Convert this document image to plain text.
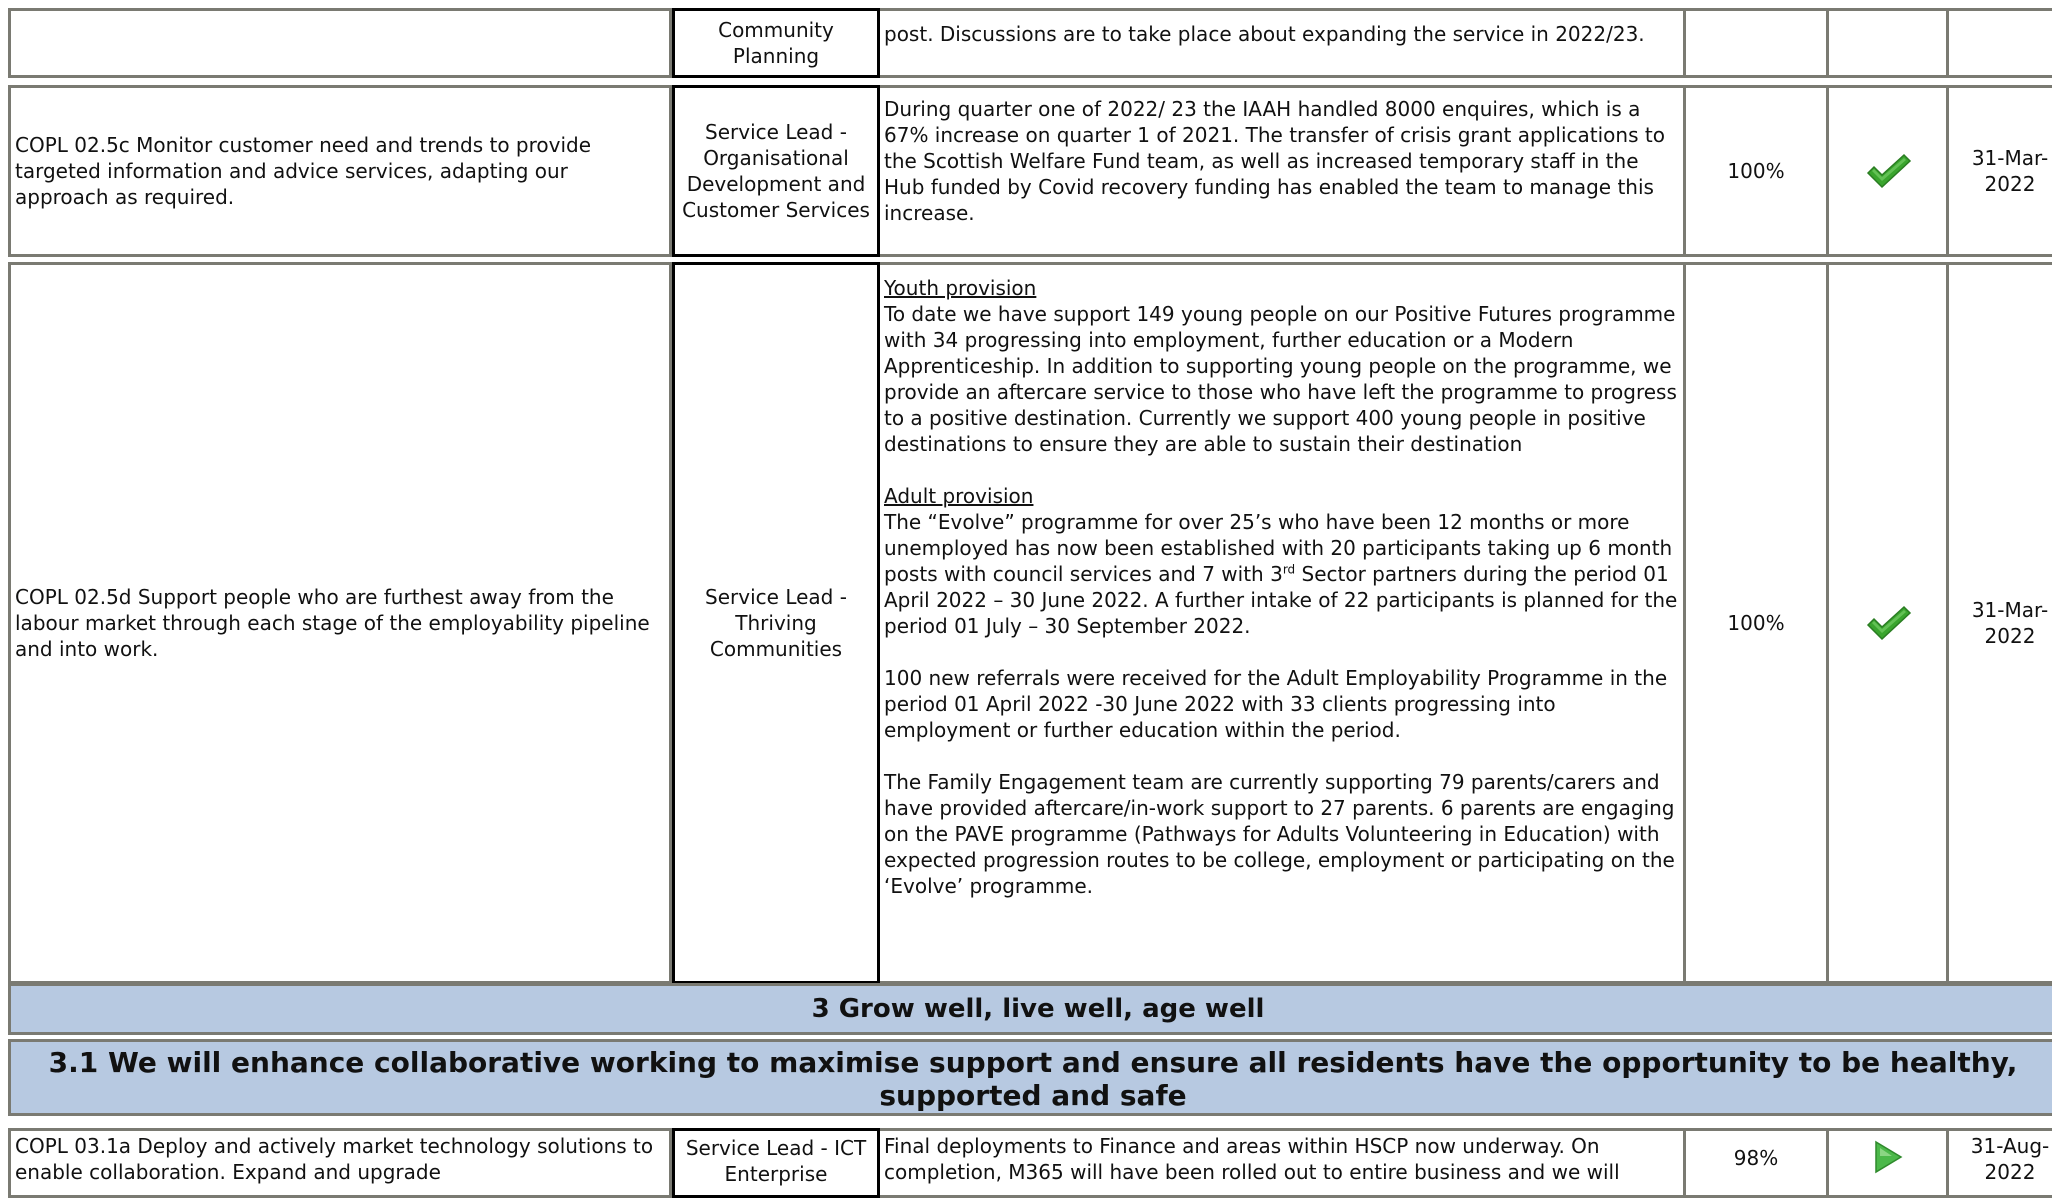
Community Planning
post. Discussions are to take place about expanding the service in 2022/23.
COPL 02.5c Monitor customer need and trends to provide targeted information and advice services, adapting our approach as required.
Service Lead - Organisational Development and Customer Services
During quarter one of 2022/ 23 the IAAH handled 8000 enquires, which is a 67% increase on quarter 1 of 2021. The transfer of crisis grant applications to the Scottish Welfare Fund team, as well as increased temporary staff in the Hub funded by Covid recovery funding has enabled the team to manage this increase.
100%
31-Mar-2022
COPL 02.5d Support people who are furthest away from the labour market through each stage of the employability pipeline and into work.
Service Lead - Thriving Communities
Youth provision

To date we have support 149 young people on our Positive Futures programme with 34 progressing into employment, further education or a Modern Apprenticeship. In addition to supporting young people on the programme, we provide an aftercare service to those who have left the programme to progress to a positive destination. Currently we support 400 young people in positive destinations to ensure they are able to sustain their destination

Adult provision

The “Evolve” programme for over 25’s who have been 12 months or more unemployed has now been established with 20 participants taking up 6 month posts with council services and 7 with 3rd Sector partners during the period 01 April 2022 – 30 June 2022. A further intake of 22 participants is planned for the period 01 July – 30 September 2022.

100 new referrals were received for the Adult Employability Programme in the period 01 April 2022 -30 June 2022 with 33 clients progressing into employment or further education within the period.

The Family Engagement team are currently supporting 79 parents/carers and have provided aftercare/in-work support to 27 parents. 6 parents are engaging on the PAVE programme (Pathways for Adults Volunteering in Education) with expected progression routes to be college, employment or participating on the ‘Evolve’ programme.

100%
31-Mar-2022
3 Grow well, live well, age well
3.1 We will enhance collaborative working to maximise support and ensure all residents have the opportunity to be healthy, supported and safe
COPL 03.1a Deploy and actively market technology solutions to enable collaboration. Expand and upgrade
Service Lead - ICT Enterprise
Final deployments to Finance and areas within HSCP now underway. On completion, M365 will have been rolled out to entire business and we will
98%	31-Aug-2022
